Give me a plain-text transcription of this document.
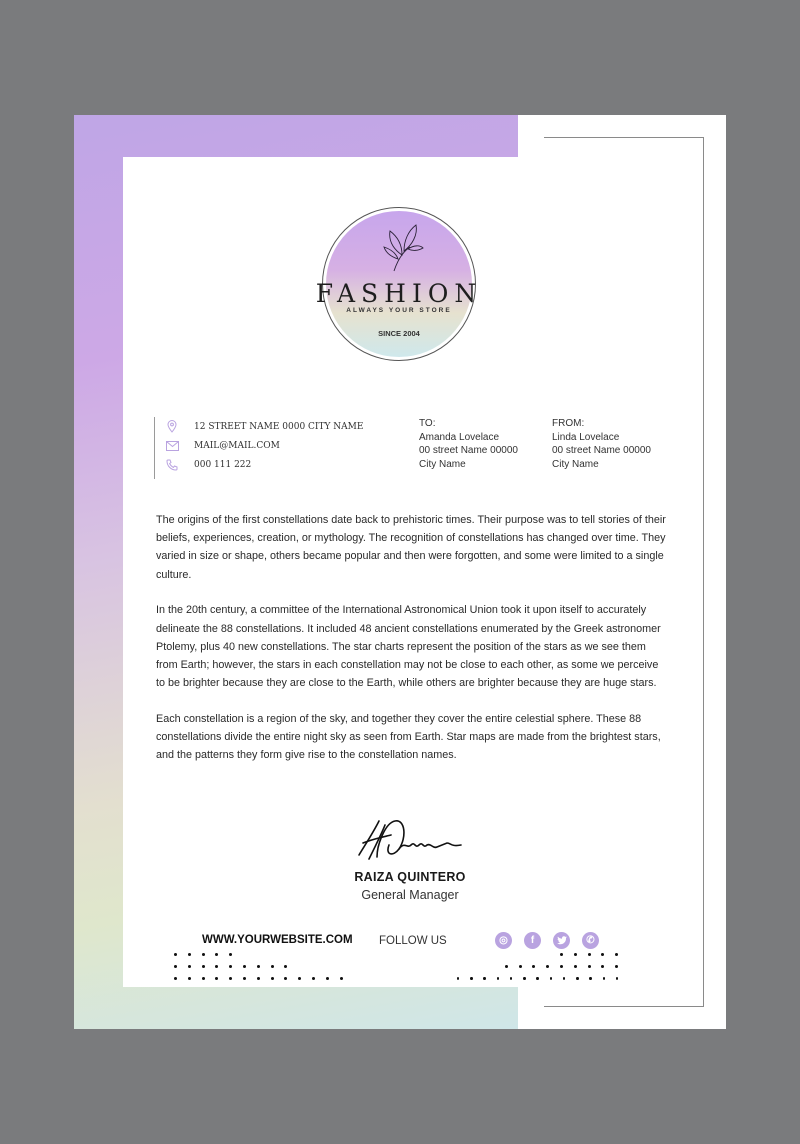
FASHION
ALWAYS YOUR STORE
SINCE 2004
12 STREET NAME 0000 CITY NAME
MAIL@MAIL.COM
000 111 222
TO:
Amanda Lovelace
00 street Name 00000
City Name
FROM:
Linda Lovelace
00 street Name 00000
City Name

The origins of the first constellations date back to prehistoric times. Their purpose was to tell stories of their beliefs, experiences, creation, or mythology. The recognition of constellations has changed over time. They varied in size or shape, others became popular and then were forgotten, and some were limited to a single culture.

In the 20th century, a committee of the International Astronomical Union took it upon itself to accurately delineate the 88 constellations. It included 48 ancient constellations enumerated by the Greek astronomer Ptolemy, plus 40 new constellations. The star charts represent the position of the stars as we see them from Earth; however, the stars in each constellation may not be close to each other, as some we perceive to be brighter because they are close to the Earth, while others are brighter because they are huge stars.

Each constellation is a region of the sky, and together they cover the entire celestial sphere. These 88 constellations divide the entire night sky as seen from Earth. Star maps are made from the brightest stars, and the patterns they form give rise to the constellation names.

RAIZA QUINTERO
General Manager
WWW.YOURWEBSITE.COM FOLLOW US	◎	f	✆
